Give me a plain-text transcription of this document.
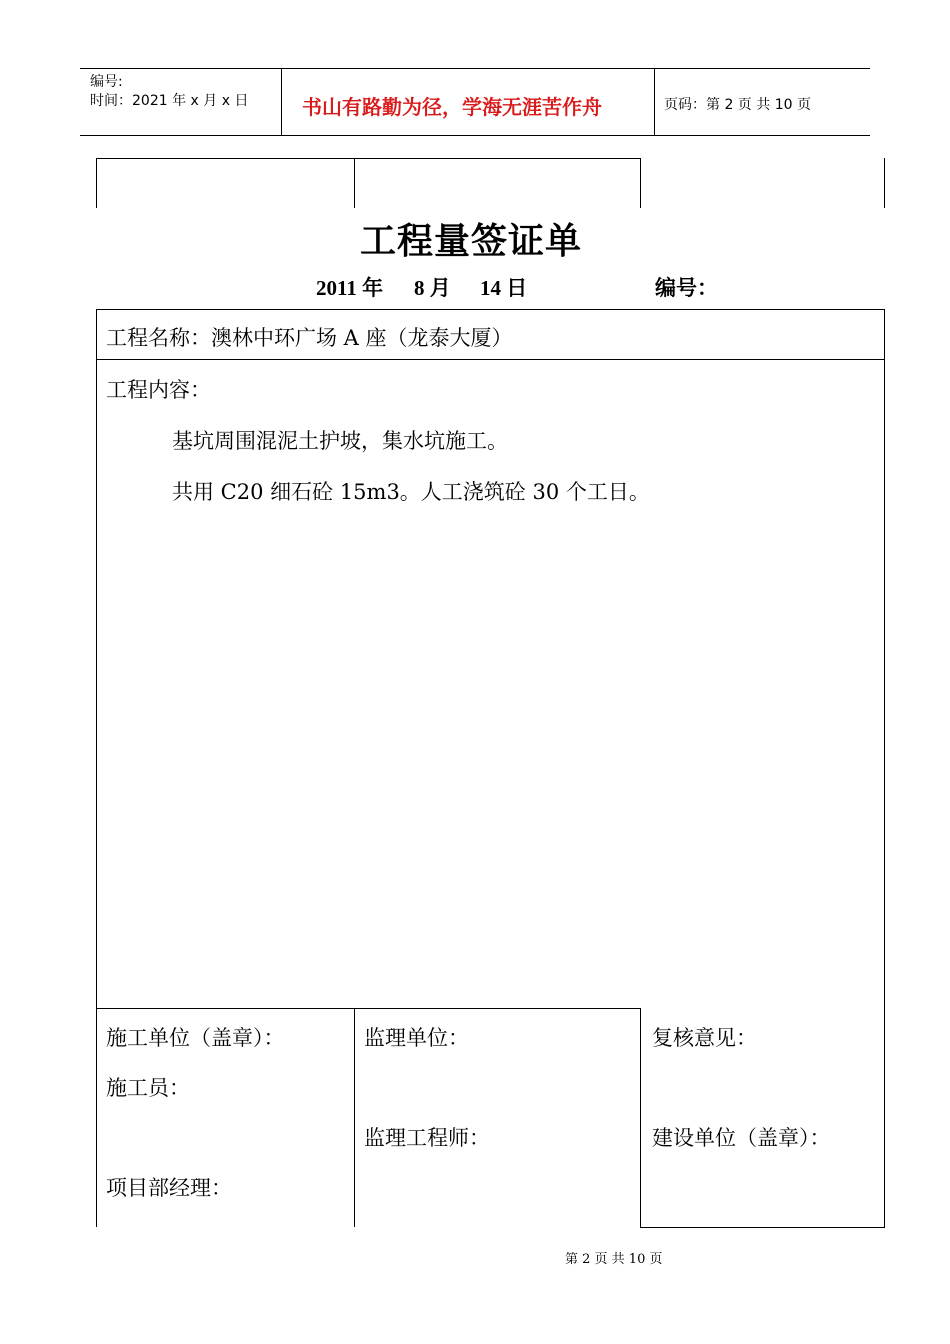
编号:
时间：2021 年 x 月 x 日	书山有路勤为径，学海无涯苦作舟	页码：第 2 页 共 10 页
工程量签证单
2011 年 8 月 14 日	编号：
工程名称：澳林中环广场 A 座（龙泰大厦）
工程内容：
基坑周围混泥土护坡，集水坑施工。
共用 C20 细石砼 15m3。人工浇筑砼 30 个工日。
施工单位（盖章）：
施工员：
项目部经理：
监理单位：
监理工程师：
复核意见：
建设单位（盖章）：
第 2 页 共 10 页
